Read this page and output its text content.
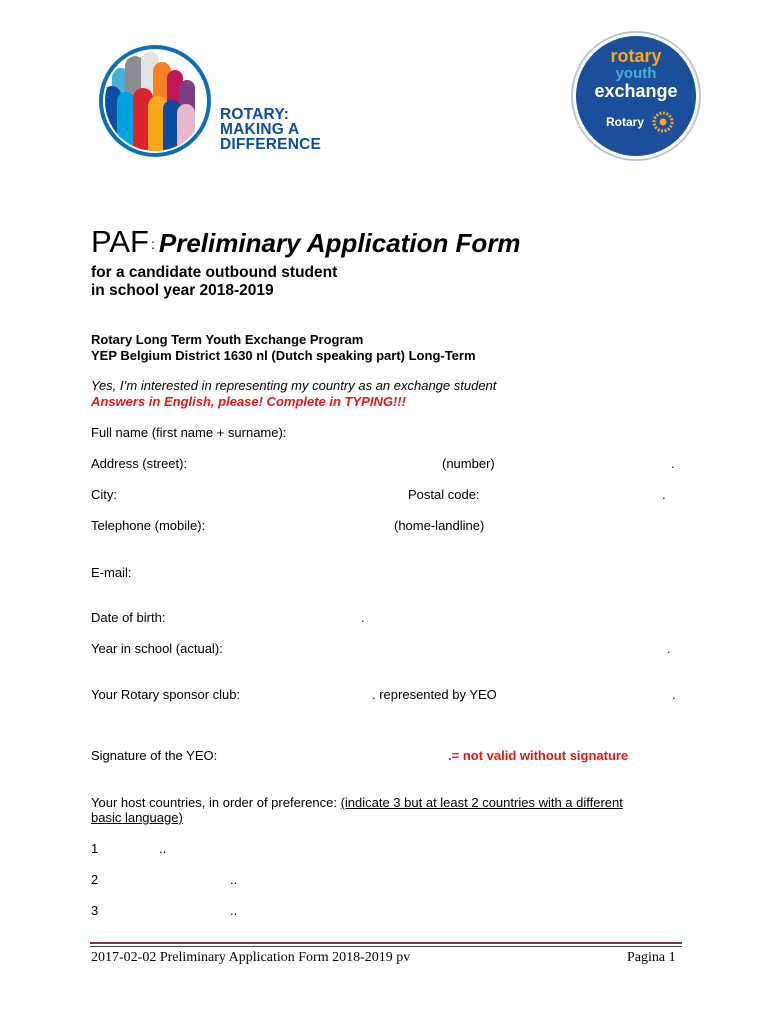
ROTARY:
MAKING A
DIFFERENCE
rotary
youth
exchange
Rotary
PAF : Preliminary Application Form
for a candidate outbound student
in school year 2018-2019
Rotary Long Term Youth Exchange Program
YEP Belgium District 1630 nl (Dutch speaking part) Long-Term
Yes, I’m interested in representing my country as an exchange student
Answers in English, please! Complete in TYPING!!!
Full name (first name + surname):
Address (street):	(number)	.
City:	Postal code:	.
Telephone (mobile):	(home-landline)
E-mail:
Date of birth:	.
Year in school (actual):	.
Your Rotary sponsor club:	. represented by YEO	.
Signature of the YEO:	.= not valid without signature
Your host countries, in order of preference: (indicate 3 but at least 2 countries with a different
basic language)
1	..
2	..
3	..
2017-02-02 Preliminary Application Form 2018-2019 pv	Pagina 1
